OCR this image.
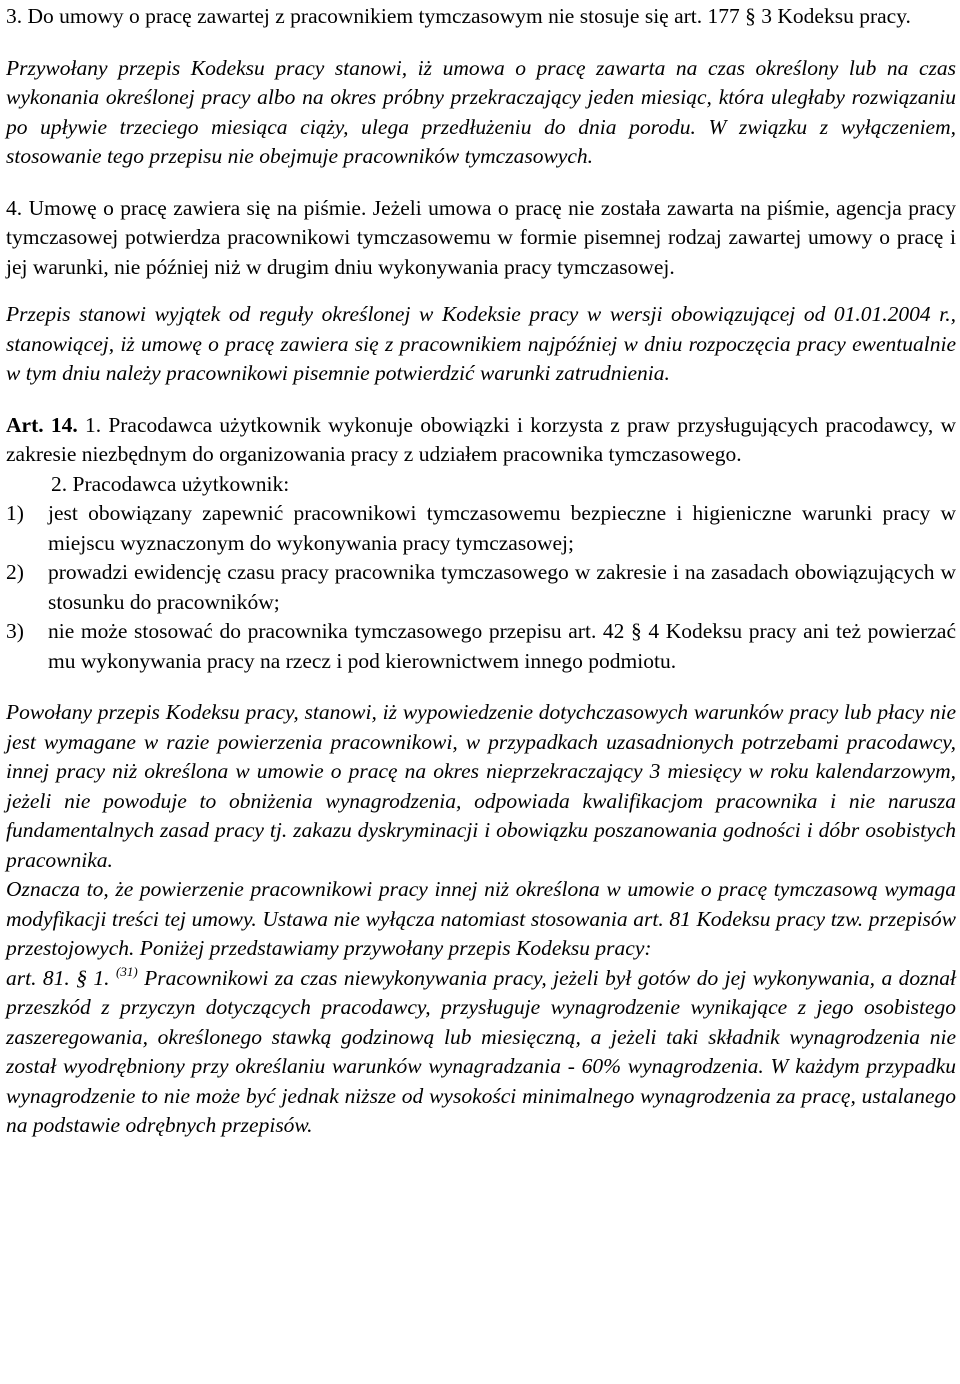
3. Do umowy o pracę zawartej z pracownikiem tymczasowym nie stosuje się art. 177 § 3 Kodeksu pracy.

Przywołany przepis Kodeksu pracy stanowi, iż umowa o pracę zawarta na czas określony lub na czas wykonania określonej pracy albo na okres próbny przekraczający jeden miesiąc, która uległaby rozwiązaniu po upływie trzeciego miesiąca ciąży, ulega przedłużeniu do dnia porodu. W związku z wyłączeniem, stosowanie tego przepisu nie obejmuje pracowników tymczasowych.

4. Umowę o pracę zawiera się na piśmie. Jeżeli umowa o pracę nie została zawarta na piśmie, agencja pracy tymczasowej potwierdza pracownikowi tymczasowemu w formie pisemnej rodzaj zawartej umowy o pracę i jej warunki, nie później niż w drugim dniu wykonywania pracy tymczasowej.

Przepis stanowi wyjątek od reguły określonej w Kodeksie pracy w wersji obowiązującej od 01.01.2004 r., stanowiącej, iż umowę o pracę zawiera się z pracownikiem najpóźniej w dniu rozpoczęcia pracy ewentualnie w tym dniu należy pracownikowi pisemnie potwierdzić warunki zatrudnienia.

Art. 14. 1. Pracodawca użytkownik wykonuje obowiązki i korzysta z praw przysługujących pracodawcy, w zakresie niezbędnym do organizowania pracy z udziałem pracownika tymczasowego.

2. Pracodawca użytkownik:

1)	jest obowiązany zapewnić pracownikowi tymczasowemu bezpieczne i higieniczne warunki pracy w miejscu wyznaczonym do wykonywania pracy tymczasowej;
2)	prowadzi ewidencję czasu pracy pracownika tymczasowego w zakresie i na zasadach obowiązujących w stosunku do pracowników;
3)	nie może stosować do pracownika tymczasowego przepisu art. 42 § 4 Kodeksu pracy ani też powierzać mu wykonywania pracy na rzecz i pod kierownictwem innego podmiotu.

Powołany przepis Kodeksu pracy, stanowi, iż wypowiedzenie dotychczasowych warunków pracy lub płacy nie jest wymagane w razie powierzenia pracownikowi, w przypadkach uzasadnionych potrzebami pracodawcy, innej pracy niż określona w umowie o pracę na okres nieprzekraczający 3 miesięcy w roku kalendarzowym, jeżeli nie powoduje to obniżenia wynagrodzenia, odpowiada kwalifikacjom pracownika i nie narusza fundamentalnych zasad pracy tj. zakazu dyskryminacji i obowiązku poszanowania godności i dóbr osobistych pracownika.

Oznacza to, że powierzenie pracownikowi pracy innej niż określona w umowie o pracę tymczasową wymaga modyfikacji treści tej umowy. Ustawa nie wyłącza natomiast stosowania art. 81 Kodeksu pracy tzw. przepisów przestojowych. Poniżej przedstawiamy przywołany przepis Kodeksu pracy:

art. 81. § 1. $^{(31)}$ Pracownikowi za czas niewykonywania pracy, jeżeli był gotów do jej wykonywania, a doznał przeszkód z przyczyn dotyczących pracodawcy, przysługuje wynagrodzenie wynikające z jego osobistego zaszeregowania, określonego stawką godzinową lub miesięczną, a jeżeli taki składnik wynagrodzenia nie został wyodrębniony przy określaniu warunków wynagradzania - 60% wynagrodzenia. W każdym przypadku wynagrodzenie to nie może być jednak niższe od wysokości minimalnego wynagrodzenia za pracę, ustalanego na podstawie odrębnych przepisów.
